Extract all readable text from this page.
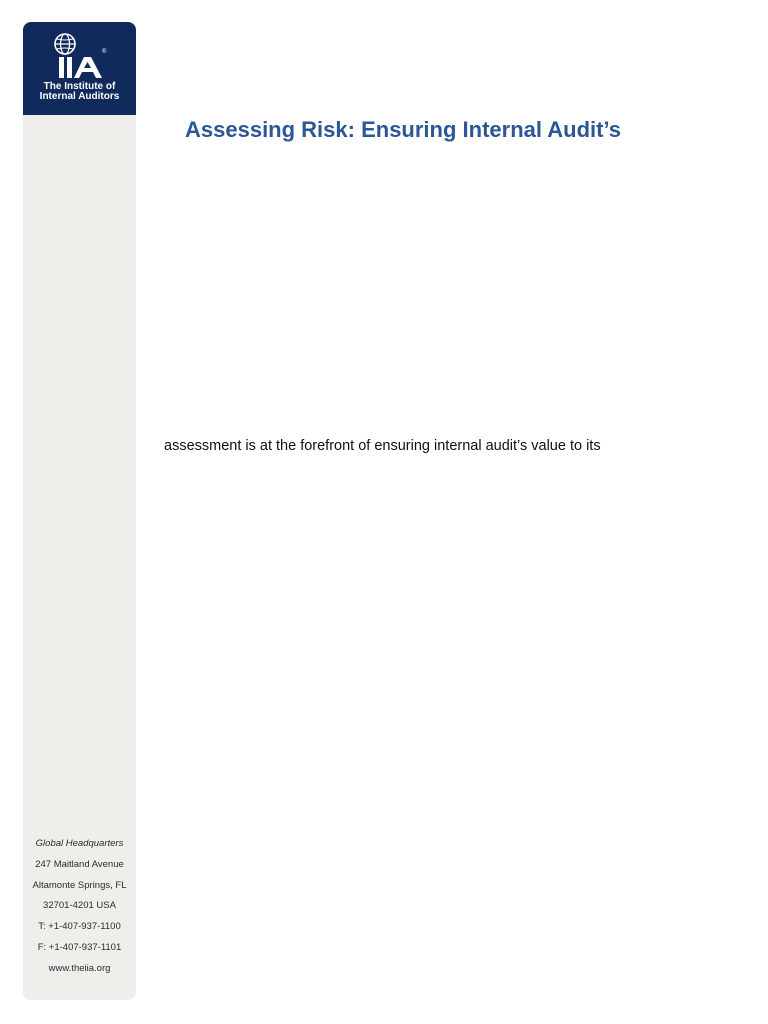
®
The Institute of
Internal Auditors
Global Headquarters
247 Maitland Avenue
Altamonte Springs, FL
32701-4201 USA
T: +1-407-937-1100
F: +1-407-937-1101
www.theiia.org
Assessing Risk: Ensuring Internal Audit’s

assessment is at the forefront of ensuring internal audit’s value to its
